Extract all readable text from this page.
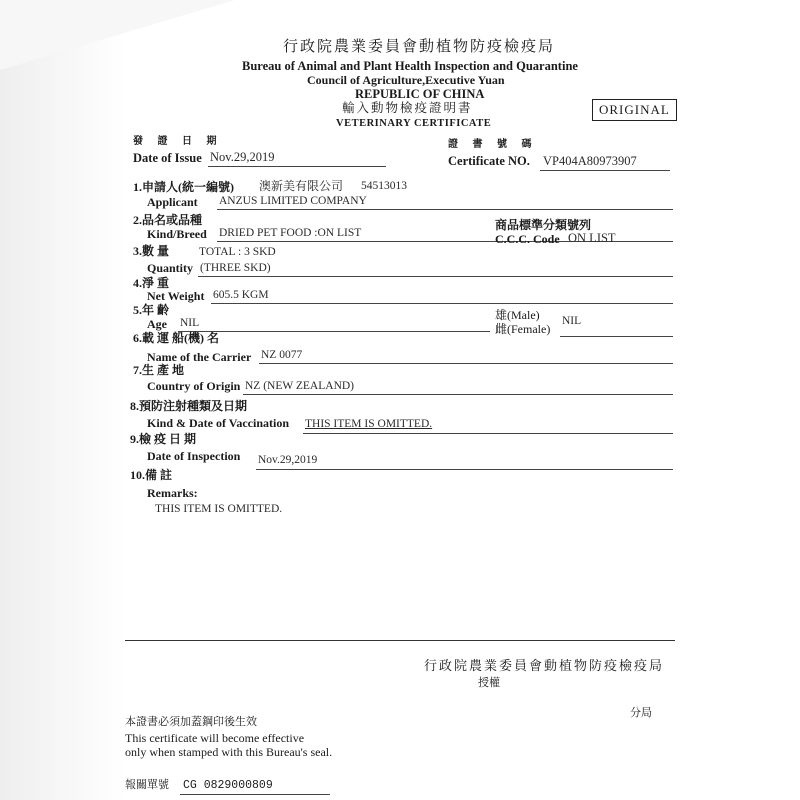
行政院農業委員會動植物防疫檢疫局
Bureau of Animal and Plant Health Inspection and Quarantine
Council of Agriculture,Executive Yuan
REPUBLIC OF CHINA
輸入動物檢疫證明書
VETERINARY CERTIFICATE
ORIGINAL
發 證 日 期
Date of Issue Nov.29,2019
證 書 號 碼
Certificate NO. VP404A80973907
1.申請人(統一編號) 澳新美有限公司 54513013
Applicant ANZUS LIMITED COMPANY
2.品名或品種
Kind/Breed DRIED PET FOOD :ON LIST
商品標準分類號列
C.C.C. Code ON LIST
3.數 量	TOTAL : 3 SKD
Quantity (THREE SKD)
4.淨 重
Net Weight 605.5 KGM
5.年 齡
Age NIL
雄(Male)
雌(Female)
NIL
6.載 運 船(機) 名
Name of the Carrier NZ 0077
7.生 產 地
Country of Origin NZ (NEW ZEALAND)
8.預防注射種類及日期
Kind & Date of Vaccination THIS ITEM IS OMITTED.
9.檢 疫 日 期
Date of Inspection Nov.29,2019
10.備 註
Remarks:
THIS ITEM IS OMITTED.
行政院農業委員會動植物防疫檢疫局
授權
分局
本證書必須加蓋鋼印後生效
This certificate will become effective
only when stamped with this Bureau's seal.
報關單號 CG 0829000809
